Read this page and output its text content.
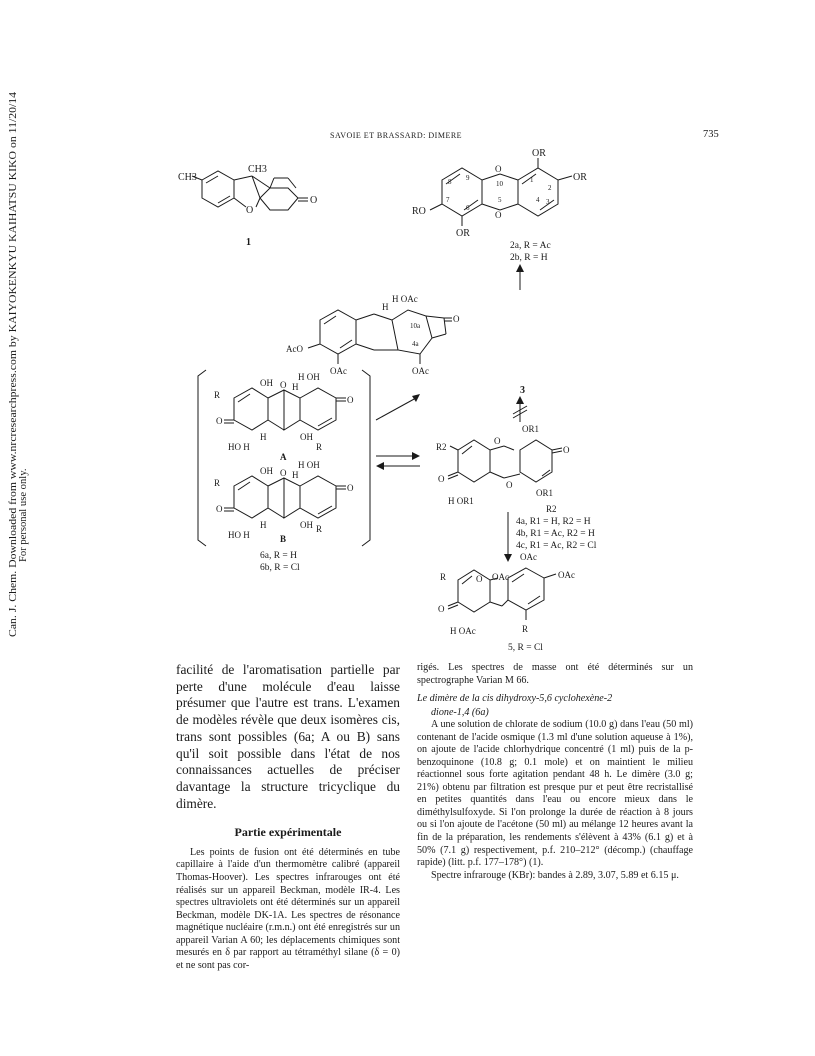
SAVOIE ET BRASSARD: DIMERE	735
Can. J. Chem. Downloaded from www.nrcresearchpress.com by KAIYOKENKYU KAIHATSU KIKO on 11/20/14 For personal use only.
CH3
CH3
O
O
1
OR
OR
RO
OR
O
O
8 9
10
7
6
5
1
2
3
4
2a, R = Ac
2b, R = H
H OAc
H
AcO
OAc	OAc
10a
4a
O
3
R
OH
H OH
H
O
O
HO H
H	OH
R
O
A
R
OH
H OH
H
O
O
HO H
H	OH R
O
B
6a, R = H
6b, R = Cl
R2
H OR1
OR1
O
O
O
O
OR1
R2
4a, R1 = H, R2 = H
4b, R1 = Ac, R2 = H
4c, R1 = Ac, R2 = Cl
R
OAc
OAc	OAc
O
O
H OAc	R
5, R = Cl

facilité de l'aromatisation partielle par perte d'une molécule d'eau laisse présumer que l'autre est trans. L'examen de modèles révèle que deux isomères cis, trans sont possibles (6a; A ou B) sans qu'il soit possible dans l'état de nos connaissances actuelles de préciser davantage la structure tricyclique du dimère.

Partie expérimentale

Les points de fusion ont été déterminés en tube capillaire à l'aide d'un thermomètre calibré (appareil Thomas-Hoover). Les spectres infrarouges ont été réalisés sur un appareil Beckman, modèle IR-4. Les spectres ultraviolets ont été déterminés sur un appareil Beckman, modèle DK-1A. Les spectres de résonance magnétique nucléaire (r.m.n.) ont été enregistrés sur un appareil Varian A 60; les déplacements chimiques sont mesurés en δ par rapport au tétraméthyl silane (δ = 0) et ne sont pas cor-

rigés. Les spectres de masse ont été déterminés sur un spectrographe Varian M 66.

Le dimère de la cis dihydroxy-5,6 cyclohexène-2
dione-1,4 (6a)

A une solution de chlorate de sodium (10.0 g) dans l'eau (50 ml) contenant de l'acide osmique (1.3 ml d'une solution aqueuse à 1%), on ajoute de l'acide chlorhydrique concentré (1 ml) puis de la p-benzoquinone (10.8 g; 0.1 mole) et on maintient le milieu réactionnel sous forte agitation pendant 48 h. Le dimère (3.0 g; 21%) obtenu par filtration est presque pur et peut être recristallisé en petites quantités dans l'eau ou encore mieux dans le diméthylsulfoxyde. Si l'on prolonge la durée de réaction à 8 jours ou si l'on ajoute de l'acétone (50 ml) au mélange 12 heures avant la fin de la préparation, les rendements s'élèvent à 43% (6.1 g) et à 50% (7.1 g) respectivement, p.f. 210–212° (décomp.) (chauffage rapide) (litt. p.f. 177–178°) (1).

Spectre infrarouge (KBr): bandes à 2.89, 3.07, 5.89 et 6.15 μ.
